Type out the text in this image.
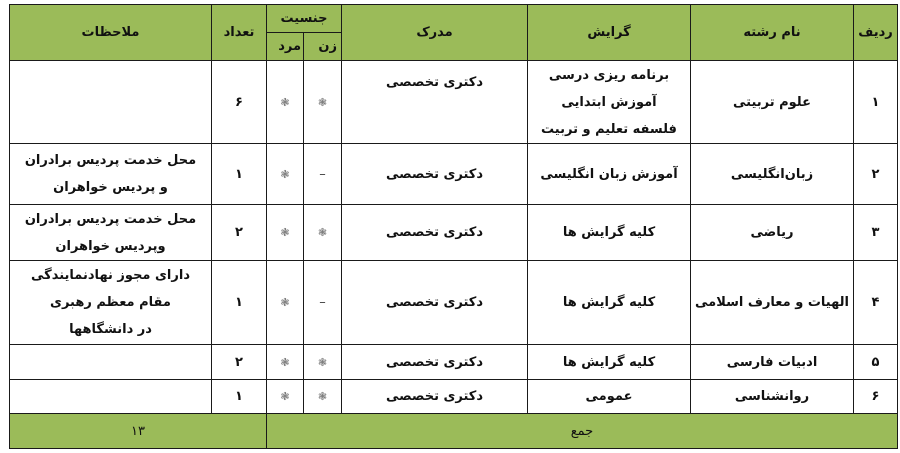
ردیف	نام رشته	گرایش	مدرک	جنسیت		تعداد	ملاحظات
				زن	مرد		
۱	علوم تربیتی	برنامه ریزی درسی
آموزش ابتدایی
فلسفه تعلیم و تربیت	دکتری تخصصی	❃	❃	۶	
۲	زبان‌انگلیسی	آموزش زبان انگلیسی	دکتری تخصصی	–	❃	۱	محل خدمت پردیس برادران
و پردیس خواهران

۳	ریاضی	کلیه گرایش ها	دکتری تخصصی	❃	❃	۲	محل خدمت پردیس برادران
وپردیس خواهران

۴	الهیات و معارف اسلامی	کلیه گرایش ها	دکتری تخصصی	–	❃	۱	دارای مجوز نهادنمایندگی
مقام معظم رهبری
در دانشگاهها

۵	ادبیات فارسی	کلیه گرایش ها	دکتری تخصصی	❃	❃	۲	
۶	روانشناسی	عمومی	دکتری تخصصی	❃	❃	۱	
جمع						۱۳	
